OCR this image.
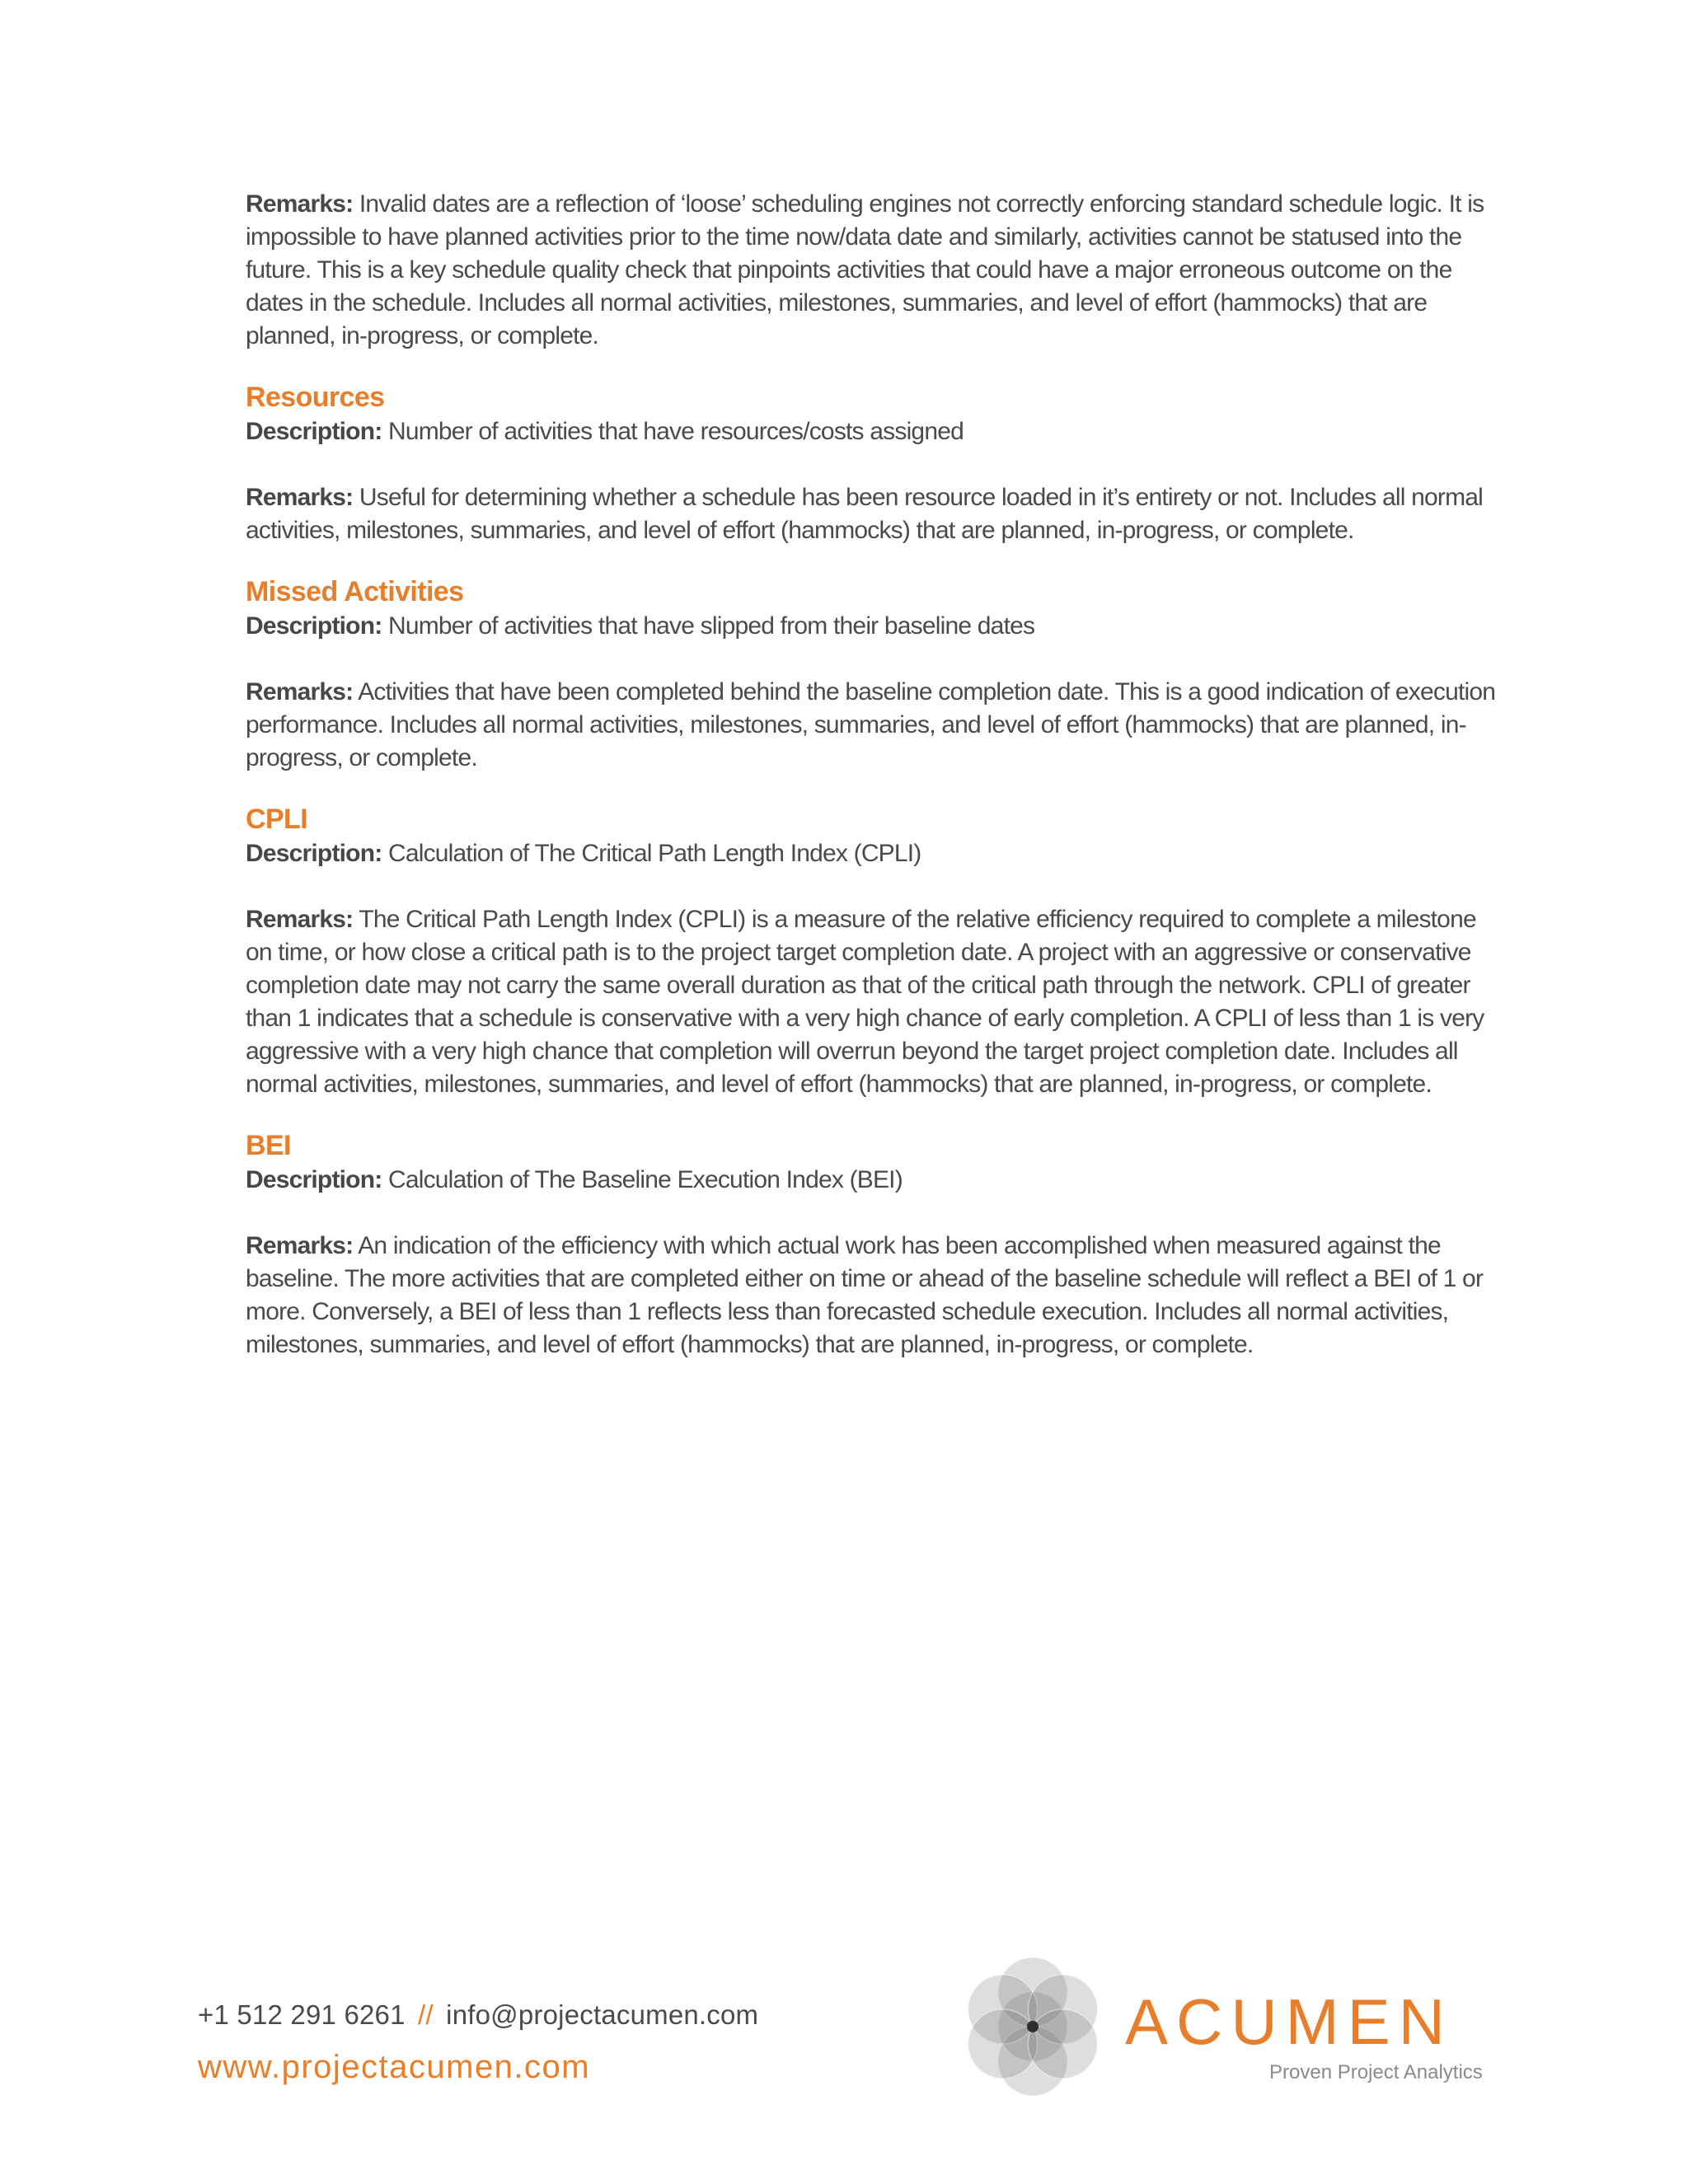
Remarks: Invalid dates are a reflection of ‘loose’ scheduling engines not correctly enforcing standard schedule logic. It is impossible to have planned activities prior to the time now/data date and similarly, activities cannot be statused into the future. This is a key schedule quality check that pinpoints activities that could have a major erroneous outcome on the dates in the schedule. Includes all normal activities, milestones, summaries, and level of effort (hammocks) that are planned, in-progress, or complete.

Resources

Description: Number of activities that have resources/costs assigned

Remarks: Useful for determining whether a schedule has been resource loaded in it’s entirety or not. Includes all normal activities, milestones, summaries, and level of effort (hammocks) that are planned, in-progress, or complete.

Missed Activities

Description: Number of activities that have slipped from their baseline dates

Remarks: Activities that have been completed behind the baseline completion date. This is a good indication of execution performance. Includes all normal activities, milestones, summaries, and level of effort (hammocks) that are planned, in-progress, or complete.

CPLI

Description: Calculation of The Critical Path Length Index (CPLI)

Remarks: The Critical Path Length Index (CPLI) is a measure of the relative efficiency required to complete a milestone on time, or how close a critical path is to the project target completion date. A project with an aggressive or conservative completion date may not carry the same overall duration as that of the critical path through the network. CPLI of greater than 1 indicates that a schedule is conservative with a very high chance of early completion. A CPLI of less than 1 is very aggressive with a very high chance that completion will overrun beyond the target project completion date. Includes all normal activities, milestones, summaries, and level of effort (hammocks) that are planned, in-progress, or complete.

BEI

Description: Calculation of The Baseline Execution Index (BEI)

Remarks: An indication of the efficiency with which actual work has been accomplished when measured against the baseline. The more activities that are completed either on time or ahead of the baseline schedule will reflect a BEI of 1 or more. Conversely, a BEI of less than 1 reflects less than forecasted schedule execution. Includes all normal activities, milestones, summaries, and level of effort (hammocks) that are planned, in-progress, or complete.

+1 512 291 6261 // info@projectacumen.com
www.projectacumen.com
ACUMEN
Proven Project Analytics
